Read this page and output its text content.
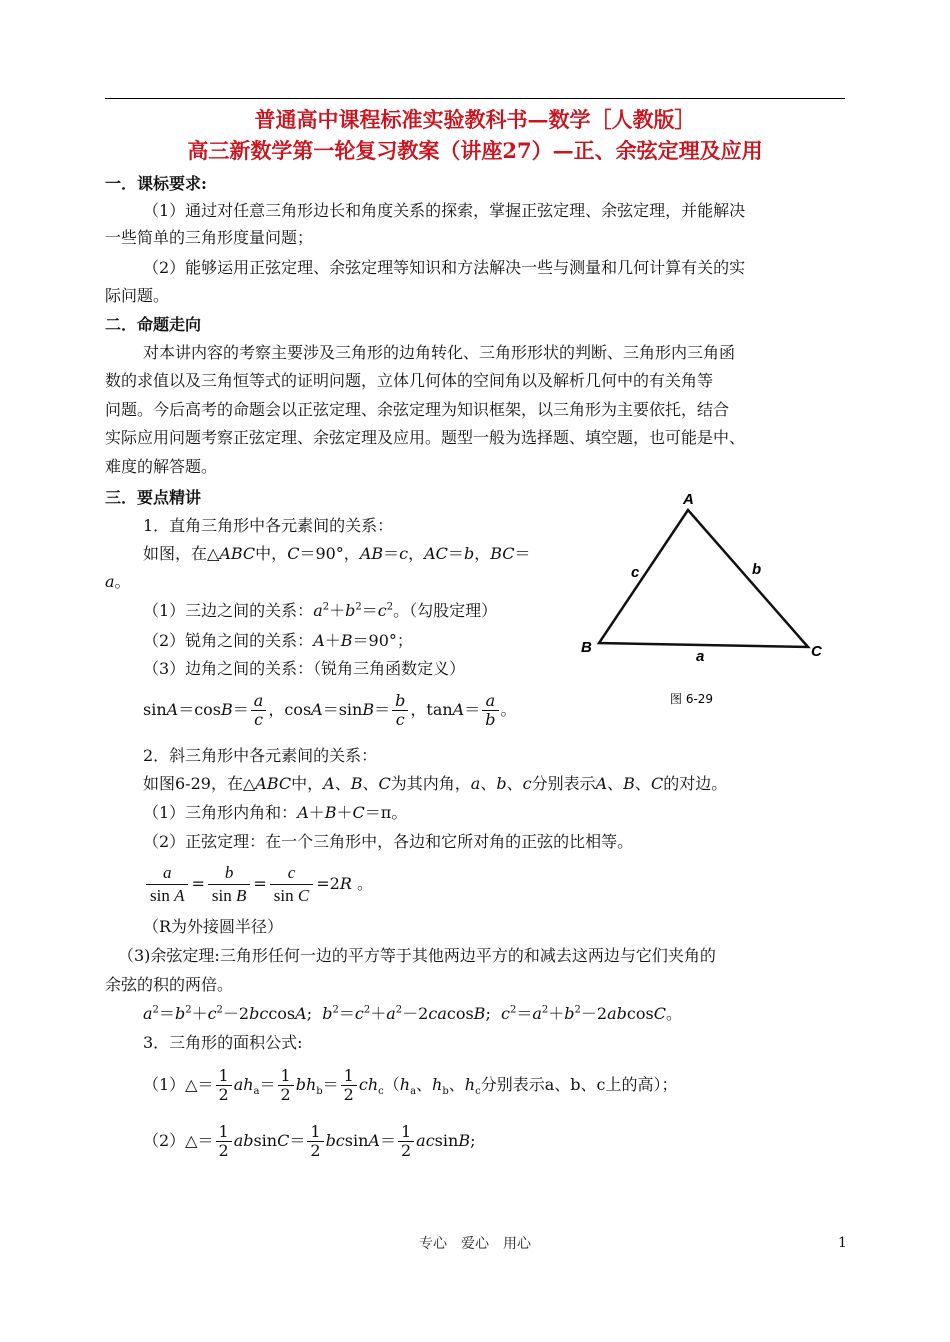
普通高中课程标准实验教科书—数学［人教版］
高三新数学第一轮复习教案（讲座27）—正、余弦定理及应用
一．课标要求:
（1）通过对任意三角形边长和角度关系的探索，掌握正弦定理、余弦定理，并能解决
一些简单的三角形度量问题；
（2）能够运用正弦定理、余弦定理等知识和方法解决一些与测量和几何计算有关的实
际问题。
二．命题走向
对本讲内容的考察主要涉及三角形的边角转化、三角形形状的判断、三角形内三角函
数的求值以及三角恒等式的证明问题，立体几何体的空间角以及解析几何中的有关角等
问题。今后高考的命题会以正弦定理、余弦定理为知识框架，以三角形为主要依托，结合
实际应用问题考察正弦定理、余弦定理及应用。题型一般为选择题、填空题，也可能是中、
难度的解答题。
三．要点精讲
1．直角三角形中各元素间的关系：
如图，在△ABC中，C＝90°，AB＝c，AC＝b，BC＝
a。
（1）三边之间的关系：$a^2+b^2=c^2$。（勾股定理）
（2）锐角之间的关系：A＋B＝90°；
（3）边角之间的关系：（锐角三角函数定义）
$\sin A=\cos B= \frac{a}{c}$ ，$\cos A=\sin B= \frac{b}{c}$ ，$\tan A= \frac{a}{b}$ 。
2．斜三角形中各元素间的关系：
如图6-29，在△ABC中，A、B、C为其内角，a、b、c分别表示A、B、C的对边。
（1）三角形内角和：A＋B＋C＝π。
（2）正弦定理：在一个三角形中，各边和它所对角的正弦的比相等。
$\frac{a}{\text{sin A}} = \frac{b}{\text{sin B}} = \frac{c}{\text{sin C}} =2R$ 。
（R为外接圆半径）
（3)余弦定理:三角形任何一边的平方等于其他两边平方的和减去这两边与它们夹角的
余弦的积的两倍。
$a^2=b^2+c^2-2bccosA$;  $b^2=c^2+a^2-2cacosB$;  $c^2=a^2+b^2-2abcosC$。
3．三角形的面积公式:
（1）△＝ $\frac{1}{2} ah_a= \frac{1}{2} bh_b= \frac{1}{2} ch_c(h_a$、$h_b$、$h_c$分别表示a、b、c上的高）；
（2）△＝ $\frac{1}{2} absinC= \frac{1}{2} bcsinA= \frac{1}{2} acsinB$;
A
B	C
c	b
a
图 6-29
专心　爱心　用心	1
